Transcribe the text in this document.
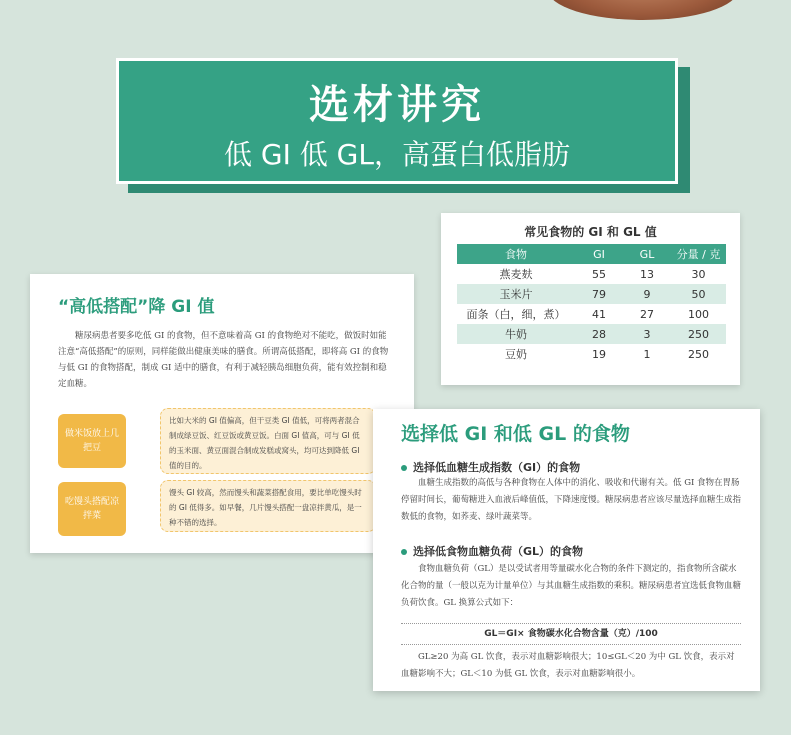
选材讲究
低 GI 低 GL，高蛋白低脂肪
常见食物的 GI 和 GL 值
食物	GI	GL	分量 / 克
燕麦麸	55	13	30
玉米片	79	9	50
面条（白，细，煮）	41	27	100
牛奶	28	3	250
豆奶	19	1	250
“高低搭配”降 GI 值
糖尿病患者要多吃低 GI 的食物，但不意味着高 GI 的食物绝对不能吃，做饭时如能注意“高低搭配”的原则，同样能做出健康美味的膳食。所谓高低搭配，即将高 GI 的食物与低 GI 的食物搭配，制成 GI 适中的膳食，有利于减轻胰岛细胞负荷，能有效控制和稳定血糖。
做米饭放上几把豆
比如大米的 GI 值偏高，但干豆类 GI 值低，可将两者混合制成绿豆饭、红豆饭或黄豆饭。白面 GI 值高，可与 GI 低的玉米面、黄豆面混合制成发糕或窝头，均可达到降低 GI 值的目的。
吃馒头搭配凉拌菜
馒头 GI 较高，然而馒头和蔬菜搭配食用，要比单吃馒头时的 GI 低得多。如早餐，几片馒头搭配一盘凉拌黄瓜，是一种不错的选择。
选择低 GI 和低 GL 的食物
选择低血糖生成指数（GI）的食物
血糖生成指数的高低与各种食物在人体中的消化、吸收和代谢有关。低 GI 食物在胃肠停留时间长，葡萄糖进入血液后峰值低，下降速度慢。糖尿病患者应该尽量选择血糖生成指数低的食物，如荞麦、绿叶蔬菜等。
选择低食物血糖负荷（GL）的食物
食物血糖负荷（GL）是以受试者用等量碳水化合物的条件下测定的，指食物所含碳水化合物的量（一般以克为计量单位）与其血糖生成指数的乘积。糖尿病患者宜选低食物血糖负荷饮食。GL 换算公式如下：
GL＝GI× 食物碳水化合物含量（克）/100
GL≥20 为高 GL 饮食，表示对血糖影响很大；10≤GL＜20 为中 GL 饮食，表示对血糖影响不大；GL＜10 为低 GL 饮食，表示对血糖影响很小。
